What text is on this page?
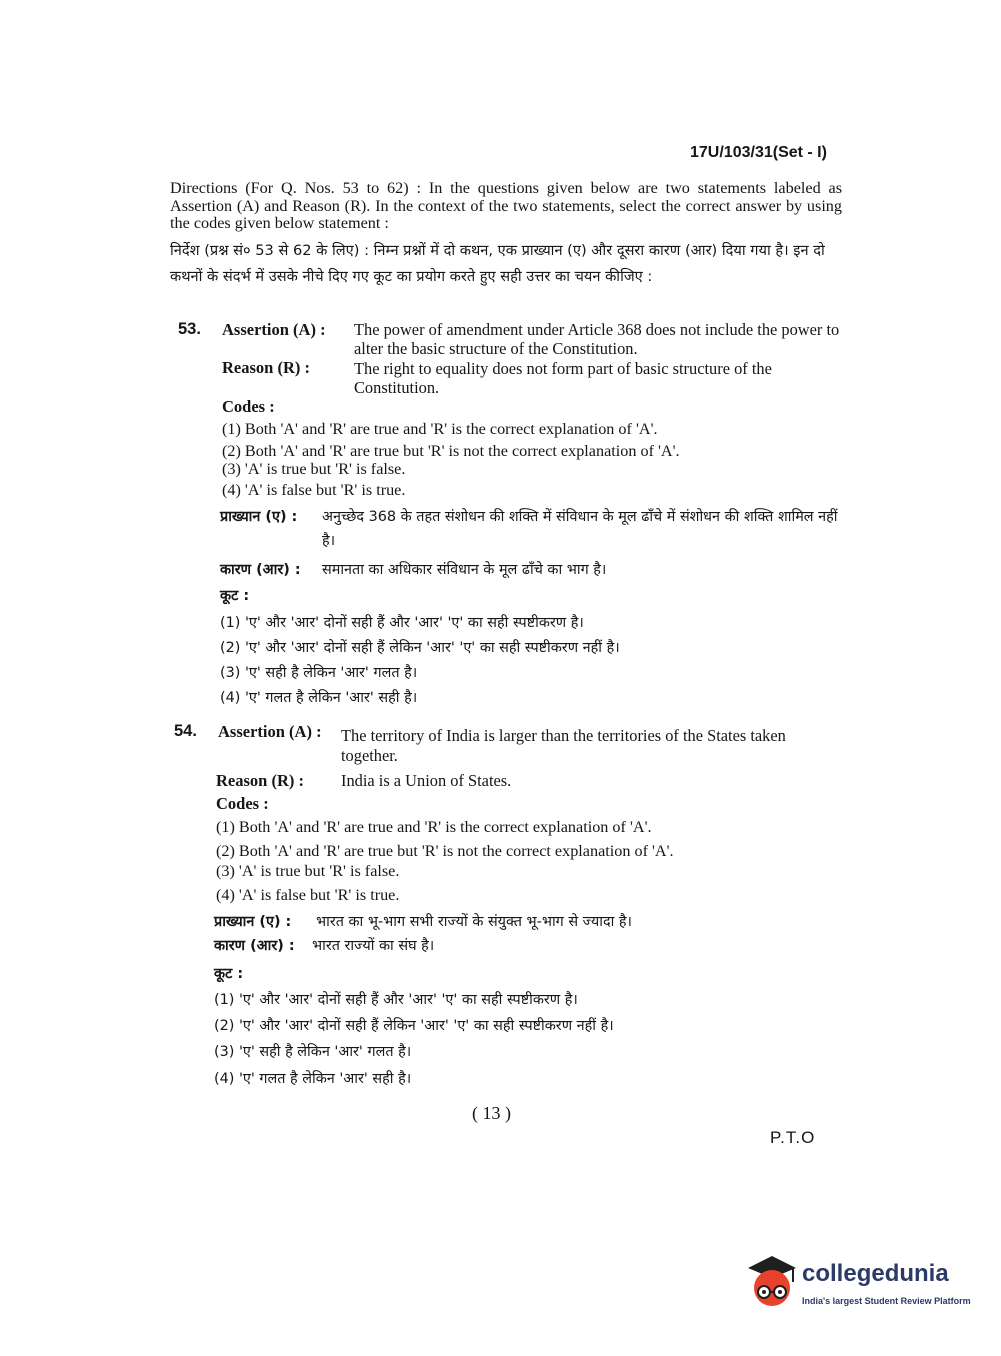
17U/103/31(Set - I)
Directions (For Q. Nos. 53 to 62) : In the questions given below are two statements labeled as Assertion (A) and Reason (R). In the context of the two statements, select the correct answer by using the codes given below statement :
निर्देश (प्रश्न सं० 53 से 62 के लिए) : निम्न प्रश्नों में दो कथन, एक प्राख्यान (ए) और दूसरा कारण (आर) दिया गया है। इन दो कथनों के संदर्भ में उसके नीचे दिए गए कूट का प्रयोग करते हुए सही उत्तर का चयन कीजिए :
53. Assertion (A) : The power of amendment under Article 368 does not include the power to alter the basic structure of the Constitution.
Reason (R) :	The right to equality does not form part of basic structure of the Constitution.
Codes :
(1) Both 'A' and 'R' are true and 'R' is the correct explanation of 'A'.
(2) Both 'A' and 'R' are true but 'R' is not the correct explanation of 'A'.
(3) 'A' is true but 'R' is false.
(4) 'A' is false but 'R' is true.
प्राख्यान (ए) : अनुच्छेद 368 के तहत संशोधन की शक्ति में संविधान के मूल ढाँचे में संशोधन की शक्ति शामिल नहीं है।
कारण (आर) : समानता का अधिकार संविधान के मूल ढाँचे का भाग है।
कूट :
(1) 'ए' और 'आर' दोनों सही हैं और 'आर' 'ए' का सही स्पष्टीकरण है।
(2) 'ए' और 'आर' दोनों सही हैं लेकिन 'आर' 'ए' का सही स्पष्टीकरण नहीं है।
(3) 'ए' सही है लेकिन 'आर' गलत है।
(4) 'ए' गलत है लेकिन 'आर' सही है।
54. Assertion (A) : The territory of India is larger than the territories of the States taken together.
Reason (R) : India is a Union of States.
Codes :
(1) Both 'A' and 'R' are true and 'R' is the correct explanation of 'A'.
(2) Both 'A' and 'R' are true but 'R' is not the correct explanation of 'A'.
(3) 'A' is true but 'R' is false.
(4) 'A' is false but 'R' is true.
प्राख्यान (ए) : भारत का भू-भाग सभी राज्यों के संयुक्त भू-भाग से ज्यादा है।
कारण (आर) : भारत राज्यों का संघ है।
कूट :
(1) 'ए' और 'आर' दोनों सही हैं और 'आर' 'ए' का सही स्पष्टीकरण है।
(2) 'ए' और 'आर' दोनों सही हैं लेकिन 'आर' 'ए' का सही स्पष्टीकरण नहीं है।
(3) 'ए' सही है लेकिन 'आर' गलत है।
(4) 'ए' गलत है लेकिन 'आर' सही है।
( 13 )
P.T.O
collegedunia
India's largest Student Review Platform
